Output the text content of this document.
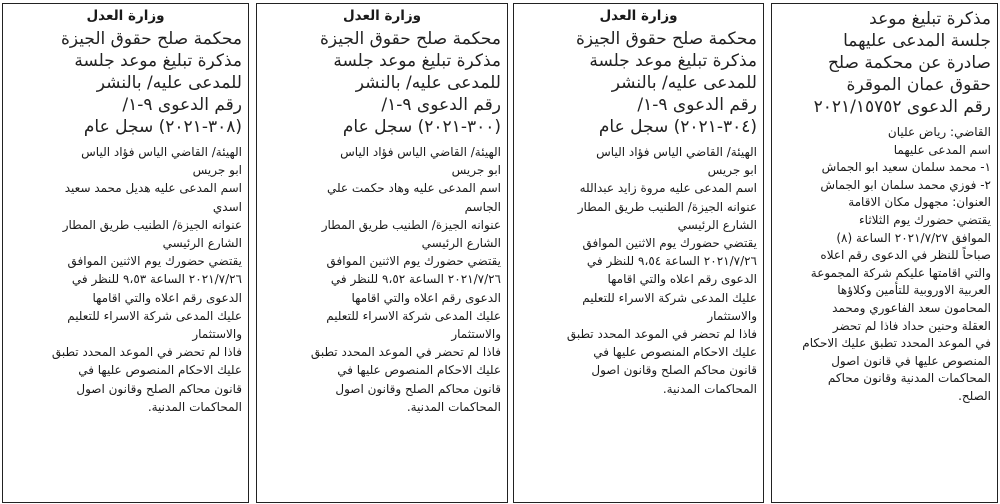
مذكرة تبليغ موعد
جلسة المدعى عليهما
صادرة عن محكمة صلح
حقوق عمان الموقرة
رقم الدعوى ٢٠٢١/١٥٧٥٢
القاضي: رياض عليان
اسم المدعى عليهما
١- محمد سلمان سعيد ابو الجماش
٢- فوزي محمد سلمان ابو الجماش
العنوان: مجهول مكان الاقامة
يقتضي حضورك يوم الثلاثاء
الموافق ٢٠٢١/٧/٢٧ الساعة (٨)
صباحاً للنظر في الدعوى رقم اعلاه
والتي اقامتها عليكم شركة المجموعة
العربية الاوروبية للتأمين وكلاؤها
المحامون سعد الفاعوري ومحمد
العقلة وحنين حداد فاذا لم تحضر
في الموعد المحدد تطبق عليك الاحكام
المنصوص عليها في قانون اصول
المحاكمات المدنية وقانون محاكم
الصلح.
وزارة العدل
محكمة صلح حقوق الجيزة
مذكرة تبليغ موعد جلسة
للمدعى عليه/ بالنشر
رقم الدعوى ٩-١/
(٣٠٤-٢٠٢١) سجل عام
الهيئة/ القاضي الياس فؤاد الياس
ابو جريس
اسم المدعى عليه مروة زايد عبدالله
عنوانه الجيزة/ الطنيب طريق المطار
الشارع الرئيسي
يقتضي حضورك يوم الاثنين الموافق
٢٠٢١/٧/٢٦ الساعة ٩،٥٤ للنظر في
الدعوى رقم اعلاه والتي اقامها
عليك المدعى شركة الاسراء للتعليم
والاستثمار
فاذا لم تحضر في الموعد المحدد تطبق
عليك الاحكام المنصوص عليها في
قانون محاكم الصلح وقانون اصول
المحاكمات المدنية.
وزارة العدل
محكمة صلح حقوق الجيزة
مذكرة تبليغ موعد جلسة
للمدعى عليه/ بالنشر
رقم الدعوى ٩-١/
(٣٠٠-٢٠٢١) سجل عام
الهيئة/ القاضي الياس فؤاد الياس
ابو جريس
اسم المدعى عليه وهاد حكمت علي
الجاسم
عنوانه الجيزة/ الطنيب طريق المطار
الشارع الرئيسي
يقتضي حضورك يوم الاثنين الموافق
٢٠٢١/٧/٢٦ الساعة ٩،٥٢ للنظر في
الدعوى رقم اعلاه والتي اقامها
عليك المدعى شركة الاسراء للتعليم
والاستثمار
فاذا لم تحضر في الموعد المحدد تطبق
عليك الاحكام المنصوص عليها في
قانون محاكم الصلح وقانون اصول
المحاكمات المدنية.
وزارة العدل
محكمة صلح حقوق الجيزة
مذكرة تبليغ موعد جلسة
للمدعى عليه/ بالنشر
رقم الدعوى ٩-١/
(٣٠٨-٢٠٢١) سجل عام
الهيئة/ القاضي الياس فؤاد الياس
ابو جريس
اسم المدعى عليه هديل محمد سعيد
اسدي
عنوانه الجيزة/ الطنيب طريق المطار
الشارع الرئيسي
يقتضي حضورك يوم الاثنين الموافق
٢٠٢١/٧/٢٦ الساعة ٩،٥٣ للنظر في
الدعوى رقم اعلاه والتي اقامها
عليك المدعى شركة الاسراء للتعليم
والاستثمار
فاذا لم تحضر في الموعد المحدد تطبق
عليك الاحكام المنصوص عليها في
قانون محاكم الصلح وقانون اصول
المحاكمات المدنية.
